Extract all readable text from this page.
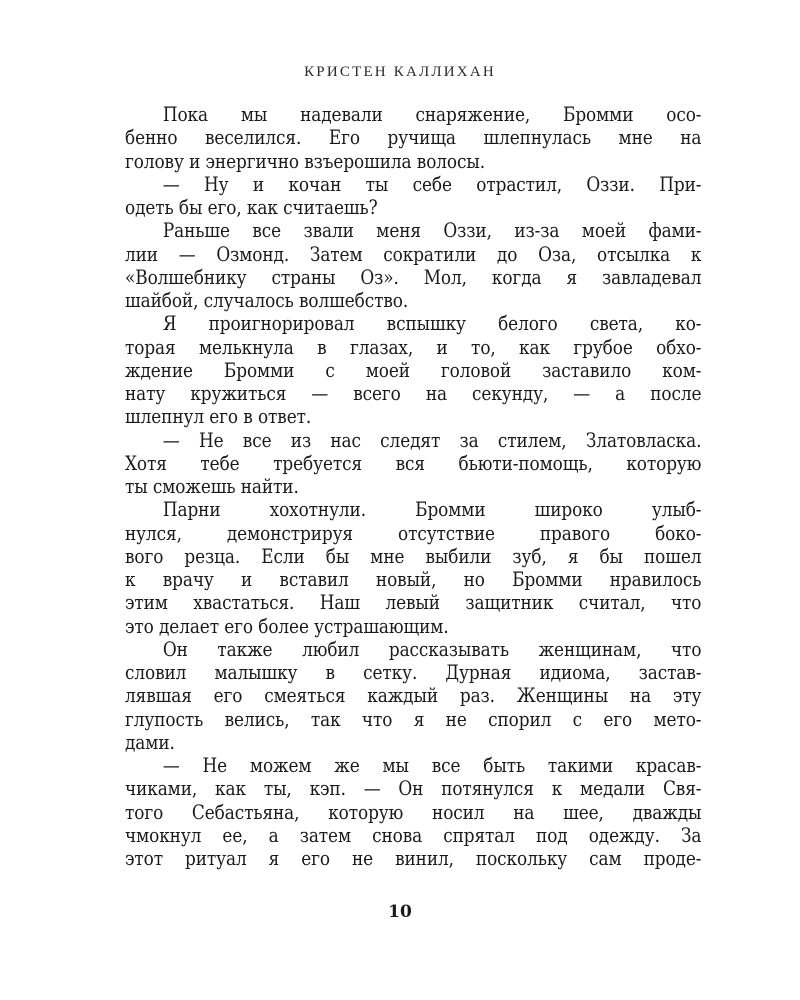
КРИСТЕН КАЛЛИХАН
Пока мы надевали снаряжение, Бромми осо-
бенно веселился. Его ручища шлепнулась мне на
голову и энергично взъерошила волосы.
— Ну и кочан ты себе отрастил, Оззи. При-
одеть бы его, как считаешь?
Раньше все звали меня Оззи, из-за моей фами-
лии — Озмонд. Затем сократили до Оза, отсылка к
«Волшебнику страны Оз». Мол, когда я завладевал
шайбой, случалось волшебство.
Я проигнорировал вспышку белого света, ко-
торая мелькнула в глазах, и то, как грубое обхо-
ждение Бромми с моей головой заставило ком-
нату кружиться — всего на секунду, — а после
шлепнул его в ответ.
— Не все из нас следят за стилем, Златовласка.
Хотя тебе требуется вся бьюти-помощь, которую
ты сможешь найти.
Парни хохотнули. Бромми широко улыб-
нулся, демонстрируя отсутствие правого боко-
вого резца. Если бы мне выбили зуб, я бы пошел
к врачу и вставил новый, но Бромми нравилось
этим хвастаться. Наш левый защитник считал, что
это делает его более устрашающим.
Он также любил рассказывать женщинам, что
словил малышку в сетку. Дурная идиома, застав-
лявшая его смеяться каждый раз. Женщины на эту
глупость велись, так что я не спорил с его мето-
дами.
— Не можем же мы все быть такими красав-
чиками, как ты, кэп. — Он потянулся к медали Свя-
того Себастьяна, которую носил на шее, дважды
чмокнул ее, а затем снова спрятал под одежду. За
этот ритуал я его не винил, поскольку сам проде-
10
